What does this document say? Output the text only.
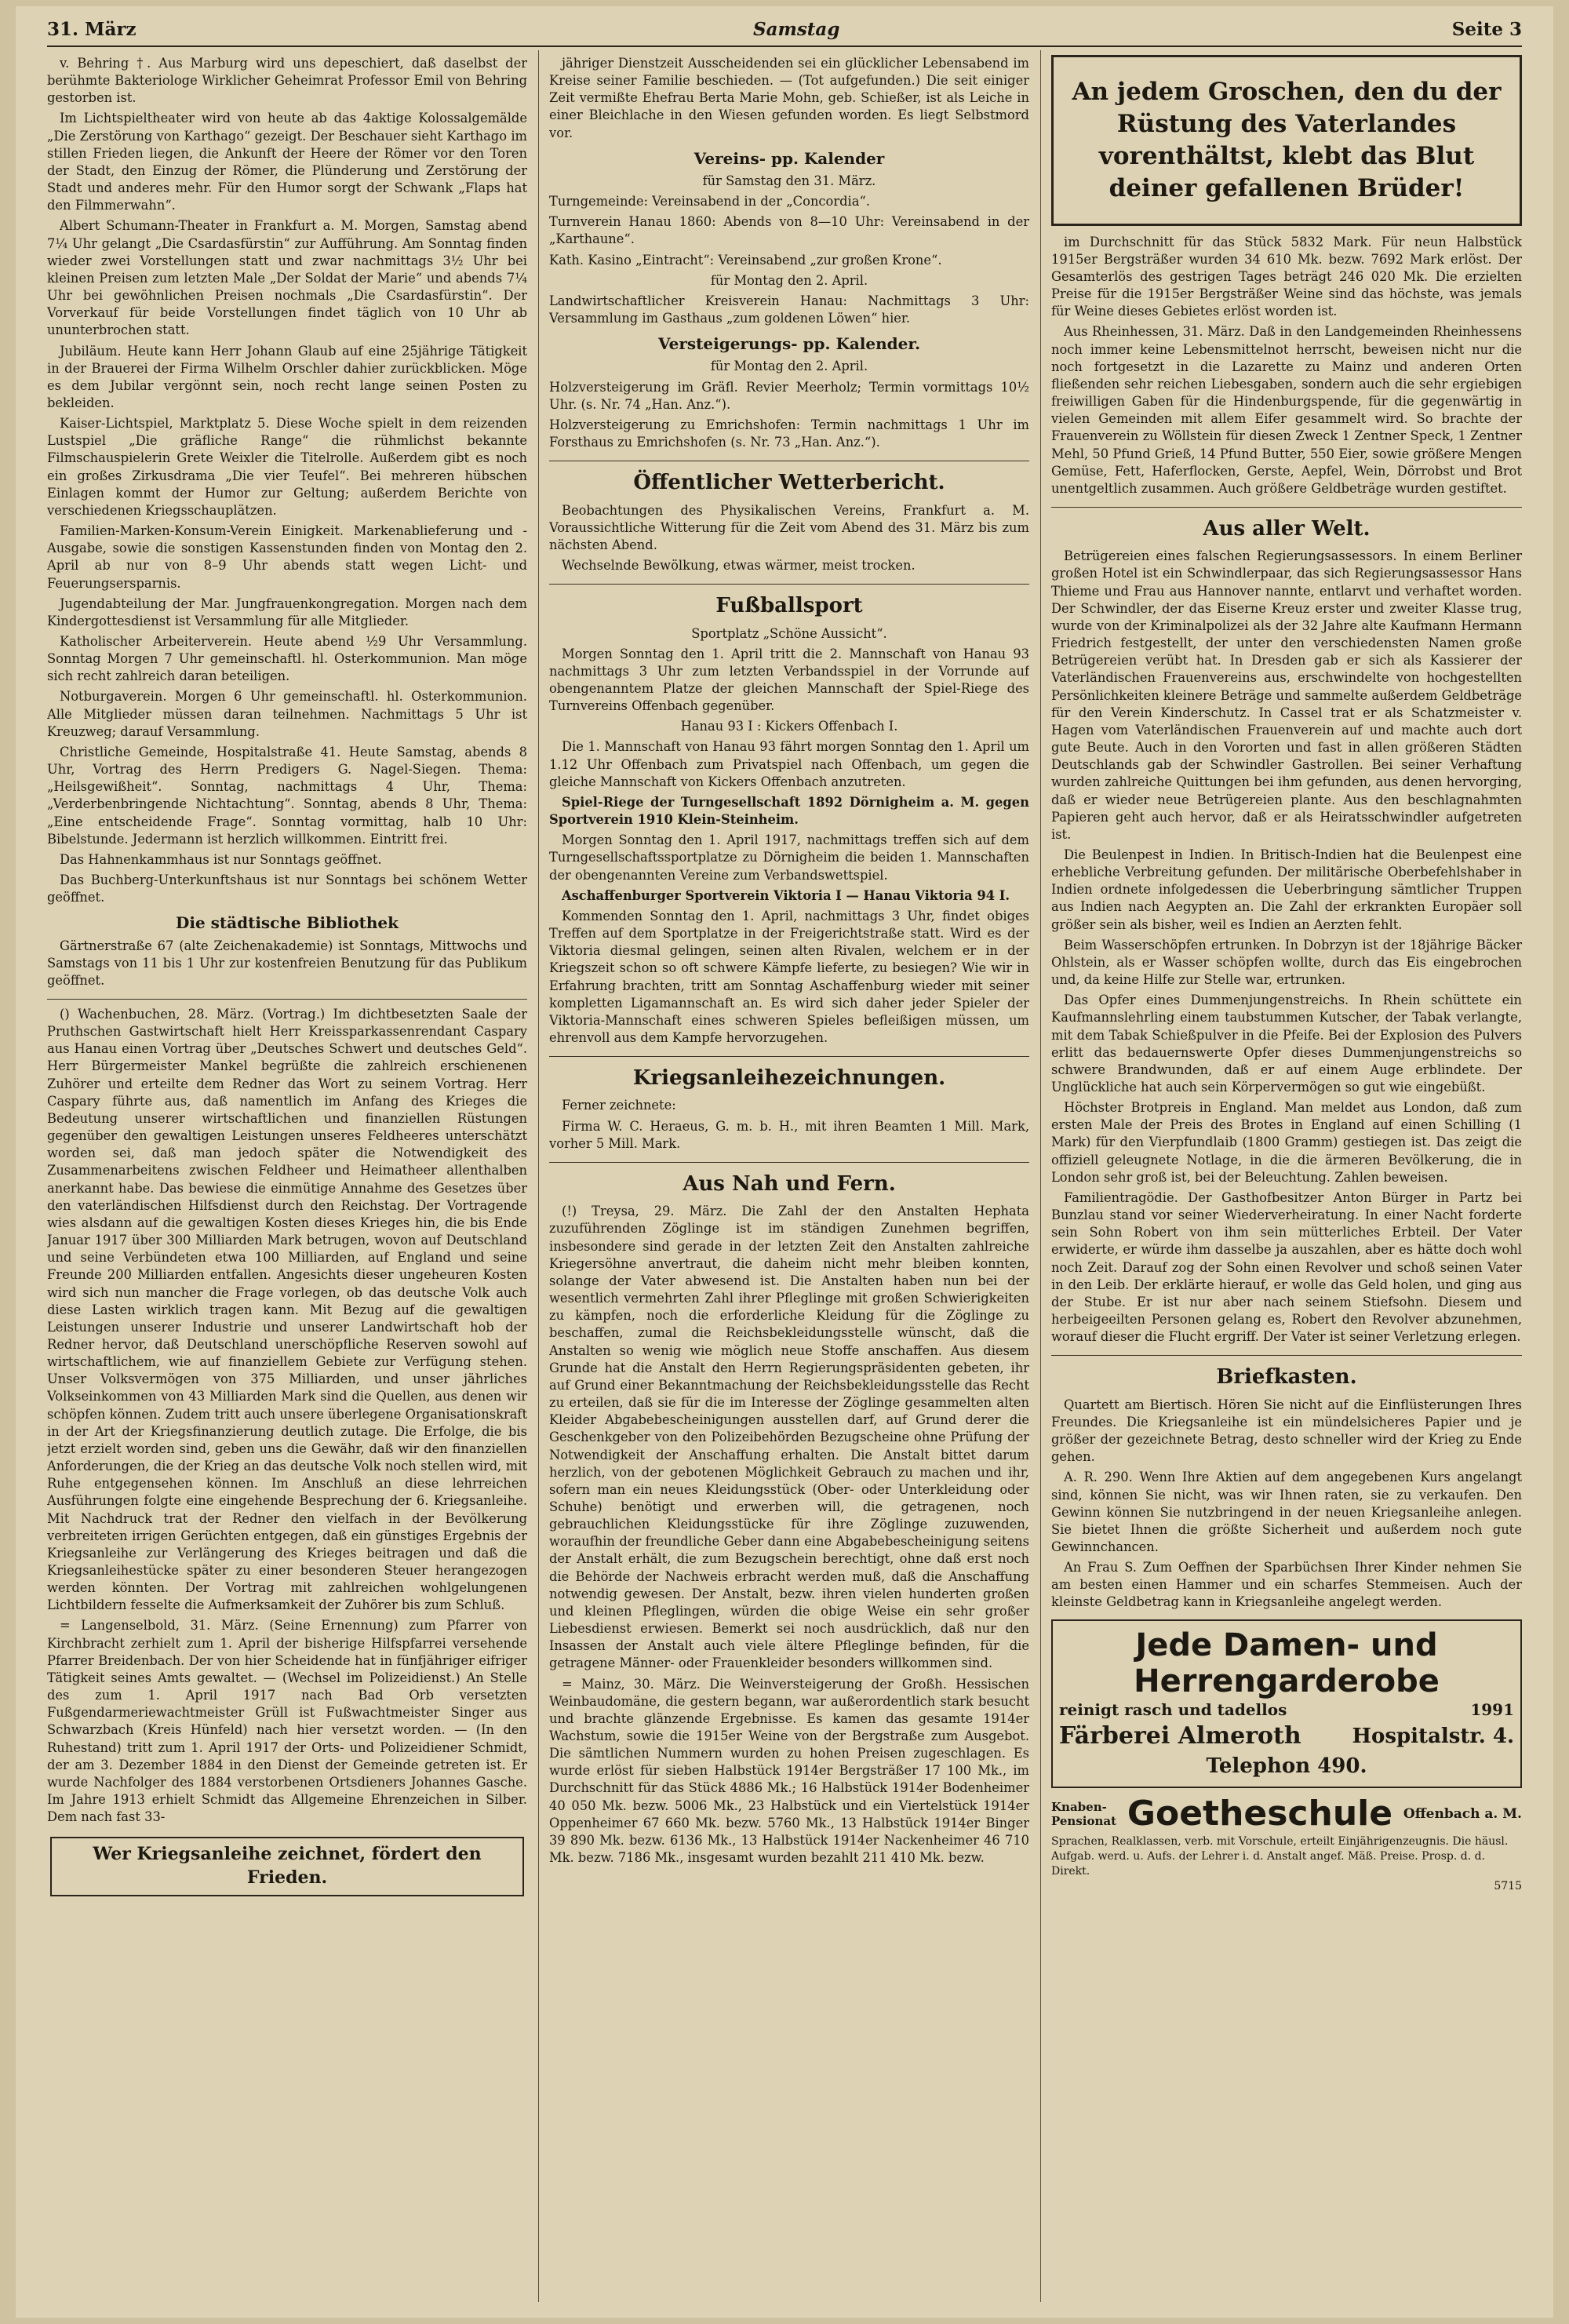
31. März	Samstag	Seite 3

v. Behring †. Aus Marburg wird uns depeschiert, daß daselbst der berühmte Bakteriologe Wirklicher Geheimrat Professor Emil von Behring gestorben ist.

Im Lichtspieltheater wird von heute ab das 4aktige Kolossalgemälde „Die Zerstörung von Karthago“ gezeigt. Der Beschauer sieht Karthago im stillen Frieden liegen, die Ankunft der Heere der Römer vor den Toren der Stadt, den Einzug der Römer, die Plünderung und Zerstörung der Stadt und anderes mehr. Für den Humor sorgt der Schwank „Flaps hat den Filmmerwahn“.

Albert Schumann-Theater in Frankfurt a. M. Morgen, Samstag abend 7¼ Uhr gelangt „Die Csardasfürstin“ zur Aufführung. Am Sonntag finden wieder zwei Vorstellungen statt und zwar nachmittags 3½ Uhr bei kleinen Preisen zum letzten Male „Der Soldat der Marie“ und abends 7¼ Uhr bei gewöhnlichen Preisen nochmals „Die Csardasfürstin“. Der Vorverkauf für beide Vorstellungen findet täglich von 10 Uhr ab ununterbrochen statt.

Jubiläum. Heute kann Herr Johann Glaub auf eine 25jährige Tätigkeit in der Brauerei der Firma Wilhelm Orschler dahier zurückblicken. Möge es dem Jubilar vergönnt sein, noch recht lange seinen Posten zu bekleiden.

Kaiser-Lichtspiel, Marktplatz 5. Diese Woche spielt in dem reizenden Lustspiel „Die gräfliche Range“ die rühmlichst bekannte Filmschauspielerin Grete Weixler die Titelrolle. Außerdem gibt es noch ein großes Zirkusdrama „Die vier Teufel“. Bei mehreren hübschen Einlagen kommt der Humor zur Geltung; außerdem Berichte von verschiedenen Kriegsschauplätzen.

Familien-Marken-Konsum-Verein Einigkeit. Markenablieferung und -Ausgabe, sowie die sonstigen Kassenstunden finden von Montag den 2. April ab nur von 8–9 Uhr abends statt wegen Licht- und Feuerungsersparnis.

Jugendabteilung der Mar. Jungfrauenkongregation. Morgen nach dem Kindergottesdienst ist Versammlung für alle Mitglieder.

Katholischer Arbeiterverein. Heute abend ½9 Uhr Versammlung. Sonntag Morgen 7 Uhr gemeinschaftl. hl. Osterkommunion. Man möge sich recht zahlreich daran beteiligen.

Notburgaverein. Morgen 6 Uhr gemeinschaftl. hl. Osterkommunion. Alle Mitglieder müssen daran teilnehmen. Nachmittags 5 Uhr ist Kreuzweg; darauf Versammlung.

Christliche Gemeinde, Hospitalstraße 41. Heute Samstag, abends 8 Uhr, Vortrag des Herrn Predigers G. Nagel-Siegen. Thema: „Heilsgewißheit“. Sonntag, nachmittags 4 Uhr, Thema: „Verderbenbringende Nichtachtung“. Sonntag, abends 8 Uhr, Thema: „Eine entscheidende Frage“. Sonntag vormittag, halb 10 Uhr: Bibelstunde. Jedermann ist herzlich willkommen. Eintritt frei.

Das Hahnenkammhaus ist nur Sonntags geöffnet.

Das Buchberg-Unterkunftshaus ist nur Sonntags bei schönem Wetter geöffnet.

Die städtische Bibliothek

Gärtnerstraße 67 (alte Zeichenakademie) ist Sonntags, Mittwochs und Samstags von 11 bis 1 Uhr zur kostenfreien Benutzung für das Publikum geöffnet.

() Wachenbuchen, 28. März. (Vortrag.) Im dichtbesetzten Saale der Pruthschen Gastwirtschaft hielt Herr Kreissparkassenrendant Caspary aus Hanau einen Vortrag über „Deutsches Schwert und deutsches Geld“. Herr Bürgermeister Mankel begrüßte die zahlreich erschienenen Zuhörer und erteilte dem Redner das Wort zu seinem Vortrag. Herr Caspary führte aus, daß namentlich im Anfang des Krieges die Bedeutung unserer wirtschaftlichen und finanziellen Rüstungen gegenüber den gewaltigen Leistungen unseres Feldheeres unterschätzt worden sei, daß man jedoch später die Notwendigkeit des Zusammenarbeitens zwischen Feldheer und Heimatheer allenthalben anerkannt habe. Das bewiese die einmütige Annahme des Gesetzes über den vaterländischen Hilfsdienst durch den Reichstag. Der Vortragende wies alsdann auf die gewaltigen Kosten dieses Krieges hin, die bis Ende Januar 1917 über 300 Milliarden Mark betrugen, wovon auf Deutschland und seine Verbündeten etwa 100 Milliarden, auf England und seine Freunde 200 Milliarden entfallen. Angesichts dieser ungeheuren Kosten wird sich nun mancher die Frage vorlegen, ob das deutsche Volk auch diese Lasten wirklich tragen kann. Mit Bezug auf die gewaltigen Leistungen unserer Industrie und unserer Landwirtschaft hob der Redner hervor, daß Deutschland unerschöpfliche Reserven sowohl auf wirtschaftlichem, wie auf finanziellem Gebiete zur Verfügung stehen. Unser Volksvermögen von 375 Milliarden, und unser jährliches Volkseinkommen von 43 Milliarden Mark sind die Quellen, aus denen wir schöpfen können. Zudem tritt auch unsere überlegene Organisationskraft in der Art der Kriegsfinanzierung deutlich zutage. Die Erfolge, die bis jetzt erzielt worden sind, geben uns die Gewähr, daß wir den finanziellen Anforderungen, die der Krieg an das deutsche Volk noch stellen wird, mit Ruhe entgegensehen können. Im Anschluß an diese lehrreichen Ausführungen folgte eine eingehende Besprechung der 6. Kriegsanleihe. Mit Nachdruck trat der Redner den vielfach in der Bevölkerung verbreiteten irrigen Gerüchten entgegen, daß ein günstiges Ergebnis der Kriegsanleihe zur Verlängerung des Krieges beitragen und daß die Kriegsanleihestücke später zu einer besonderen Steuer herangezogen werden könnten. Der Vortrag mit zahlreichen wohlgelungenen Lichtbildern fesselte die Aufmerksamkeit der Zuhörer bis zum Schluß.

= Langenselbold, 31. März. (Seine Ernennung) zum Pfarrer von Kirchbracht zerhielt zum 1. April der bisherige Hilfspfarrei versehende Pfarrer Breidenbach. Der von hier Scheidende hat in fünfjähriger eifriger Tätigkeit seines Amts gewaltet. — (Wechsel im Polizeidienst.) An Stelle des zum 1. April 1917 nach Bad Orb versetzten Fußgendarmeriewachtmeister Grüll ist Fußwachtmeister Singer aus Schwarzbach (Kreis Hünfeld) nach hier versetzt worden. — (In den Ruhestand) tritt zum 1. April 1917 der Orts- und Polizeidiener Schmidt, der am 3. Dezember 1884 in den Dienst der Gemeinde getreten ist. Er wurde Nachfolger des 1884 verstorbenen Ortsdieners Johannes Gasche. Im Jahre 1913 erhielt Schmidt das Allgemeine Ehrenzeichen in Silber. Dem nach fast 33-

Wer Kriegsanleihe zeichnet, fördert den Frieden.

jähriger Dienstzeit Ausscheidenden sei ein glücklicher Lebensabend im Kreise seiner Familie beschieden. — (Tot aufgefunden.) Die seit einiger Zeit vermißte Ehefrau Berta Marie Mohn, geb. Schießer, ist als Leiche in einer Bleichlache in den Wiesen gefunden worden. Es liegt Selbstmord vor.

Vereins- pp. Kalender

für Samstag den 31. März.

Turngemeinde: Vereinsabend in der „Concordia“.

Turnverein Hanau 1860: Abends von 8—10 Uhr: Vereinsabend in der „Karthaune“.

Kath. Kasino „Eintracht“: Vereinsabend „zur großen Krone“.

für Montag den 2. April.

Landwirtschaftlicher Kreisverein Hanau: Nachmittags 3 Uhr: Versammlung im Gasthaus „zum goldenen Löwen“ hier.

Versteigerungs- pp. Kalender.

für Montag den 2. April.

Holzversteigerung im Gräfl. Revier Meerholz; Termin vormittags 10½ Uhr. (s. Nr. 74 „Han. Anz.“).

Holzversteigerung zu Emrichshofen: Termin nachmittags 1 Uhr im Forsthaus zu Emrichshofen (s. Nr. 73 „Han. Anz.“).

Öffentlicher Wetterbericht.

Beobachtungen des Physikalischen Vereins, Frankfurt a. M. Voraussichtliche Witterung für die Zeit vom Abend des 31. März bis zum nächsten Abend.

Wechselnde Bewölkung, etwas wärmer, meist trocken.

Fußballsport

Sportplatz „Schöne Aussicht“.

Morgen Sonntag den 1. April tritt die 2. Mannschaft von Hanau 93 nachmittags 3 Uhr zum letzten Verbandsspiel in der Vorrunde auf obengenanntem Platze der gleichen Mannschaft der Spiel-Riege des Turnvereins Offenbach gegenüber.

Hanau 93 I : Kickers Offenbach I.

Die 1. Mannschaft von Hanau 93 fährt morgen Sonntag den 1. April um 1.12 Uhr Offenbach zum Privatspiel nach Offenbach, um gegen die gleiche Mannschaft von Kickers Offenbach anzutreten.

Spiel-Riege der Turngesellschaft 1892 Dörnigheim a. M. gegen Sportverein 1910 Klein-Steinheim.

Morgen Sonntag den 1. April 1917, nachmittags treffen sich auf dem Turngesellschaftssportplatze zu Dörnigheim die beiden 1. Mannschaften der obengenannten Vereine zum Verbandswettspiel.

Aschaffenburger Sportverein Viktoria I — Hanau Viktoria 94 I.

Kommenden Sonntag den 1. April, nachmittags 3 Uhr, findet obiges Treffen auf dem Sportplatze in der Freigerichtstraße statt. Wird es der Viktoria diesmal gelingen, seinen alten Rivalen, welchem er in der Kriegszeit schon so oft schwere Kämpfe lieferte, zu besiegen? Wie wir in Erfahrung brachten, tritt am Sonntag Aschaffenburg wieder mit seiner kompletten Ligamannschaft an. Es wird sich daher jeder Spieler der Viktoria-Mannschaft eines schweren Spieles befleißigen müssen, um ehrenvoll aus dem Kampfe hervorzugehen.

Kriegsanleihezeichnungen.

Ferner zeichnete:

Firma W. C. Heraeus, G. m. b. H., mit ihren Beamten 1 Mill. Mark, vorher 5 Mill. Mark.

Aus Nah und Fern.

(!) Treysa, 29. März. Die Zahl der den Anstalten Hephata zuzuführenden Zöglinge ist im ständigen Zunehmen begriffen, insbesondere sind gerade in der letzten Zeit den Anstalten zahlreiche Kriegersöhne anvertraut, die daheim nicht mehr bleiben konnten, solange der Vater abwesend ist. Die Anstalten haben nun bei der wesentlich vermehrten Zahl ihrer Pfleglinge mit großen Schwierigkeiten zu kämpfen, noch die erforderliche Kleidung für die Zöglinge zu beschaffen, zumal die Reichsbekleidungsstelle wünscht, daß die Anstalten so wenig wie möglich neue Stoffe anschaffen. Aus diesem Grunde hat die Anstalt den Herrn Regierungspräsidenten gebeten, ihr auf Grund einer Bekanntmachung der Reichsbekleidungsstelle das Recht zu erteilen, daß sie für die im Interesse der Zöglinge gesammelten alten Kleider Abgabebescheinigungen ausstellen darf, auf Grund derer die Geschenkgeber von den Polizeibehörden Bezugscheine ohne Prüfung der Notwendigkeit der Anschaffung erhalten. Die Anstalt bittet darum herzlich, von der gebotenen Möglichkeit Gebrauch zu machen und ihr, sofern man ein neues Kleidungsstück (Ober- oder Unterkleidung oder Schuhe) benötigt und erwerben will, die getragenen, noch gebrauchlichen Kleidungsstücke für ihre Zöglinge zuzuwenden, woraufhin der freundliche Geber dann eine Abgabebescheinigung seitens der Anstalt erhält, die zum Bezugschein berechtigt, ohne daß erst noch die Behörde der Nachweis erbracht werden muß, daß die Anschaffung notwendig gewesen. Der Anstalt, bezw. ihren vielen hunderten großen und kleinen Pfleglingen, würden die obige Weise ein sehr großer Liebesdienst erwiesen. Bemerkt sei noch ausdrücklich, daß nur den Insassen der Anstalt auch viele ältere Pfleglinge befinden, für die getragene Männer- oder Frauenkleider besonders willkommen sind.

= Mainz, 30. März. Die Weinversteigerung der Großh. Hessischen Weinbaudomäne, die gestern begann, war außerordentlich stark besucht und brachte glänzende Ergebnisse. Es kamen das gesamte 1914er Wachstum, sowie die 1915er Weine von der Bergstraße zum Ausgebot. Die sämtlichen Nummern wurden zu hohen Preisen zugeschlagen. Es wurde erlöst für sieben Halbstück 1914er Bergsträßer 17 100 Mk., im Durchschnitt für das Stück 4886 Mk.; 16 Halbstück 1914er Bodenheimer 40 050 Mk. bezw. 5006 Mk., 23 Halbstück und ein Viertelstück 1914er Oppenheimer 67 660 Mk. bezw. 5760 Mk., 13 Halbstück 1914er Binger 39 890 Mk. bezw. 6136 Mk., 13 Halbstück 1914er Nackenheimer 46 710 Mk. bezw. 7186 Mk., insgesamt wurden bezahlt 211 410 Mk. bezw.

An jedem Groschen, den du der Rüstung des Vaterlandes vorenthältst, klebt das Blut deiner gefallenen Brüder!

im Durchschnitt für das Stück 5832 Mark. Für neun Halbstück 1915er Bergsträßer wurden 34 610 Mk. bezw. 7692 Mark erlöst. Der Gesamterlös des gestrigen Tages beträgt 246 020 Mk. Die erzielten Preise für die 1915er Bergsträßer Weine sind das höchste, was jemals für Weine dieses Gebietes erlöst worden ist.

Aus Rheinhessen, 31. März. Daß in den Landgemeinden Rheinhessens noch immer keine Lebensmittelnot herrscht, beweisen nicht nur die noch fortgesetzt in die Lazarette zu Mainz und anderen Orten fließenden sehr reichen Liebesgaben, sondern auch die sehr ergiebigen freiwilligen Gaben für die Hindenburgspende, für die gegenwärtig in vielen Gemeinden mit allem Eifer gesammelt wird. So brachte der Frauenverein zu Wöllstein für diesen Zweck 1 Zentner Speck, 1 Zentner Mehl, 50 Pfund Grieß, 14 Pfund Butter, 550 Eier, sowie größere Mengen Gemüse, Fett, Haferflocken, Gerste, Aepfel, Wein, Dörrobst und Brot unentgeltlich zusammen. Auch größere Geldbeträge wurden gestiftet.

Aus aller Welt.

Betrügereien eines falschen Regierungsassessors. In einem Berliner großen Hotel ist ein Schwindlerpaar, das sich Regierungsassessor Hans Thieme und Frau aus Hannover nannte, entlarvt und verhaftet worden. Der Schwindler, der das Eiserne Kreuz erster und zweiter Klasse trug, wurde von der Kriminalpolizei als der 32 Jahre alte Kaufmann Hermann Friedrich festgestellt, der unter den verschiedensten Namen große Betrügereien verübt hat. In Dresden gab er sich als Kassierer der Vaterländischen Frauenvereins aus, erschwindelte von hochgestellten Persönlichkeiten kleinere Beträge und sammelte außerdem Geldbeträge für den Verein Kinderschutz. In Cassel trat er als Schatzmeister v. Hagen vom Vaterländischen Frauenverein auf und machte auch dort gute Beute. Auch in den Vororten und fast in allen größeren Städten Deutschlands gab der Schwindler Gastrollen. Bei seiner Verhaftung wurden zahlreiche Quittungen bei ihm gefunden, aus denen hervorging, daß er wieder neue Betrügereien plante. Aus den beschlagnahmten Papieren geht auch hervor, daß er als Heiratsschwindler aufgetreten ist.

Die Beulenpest in Indien. In Britisch-Indien hat die Beulenpest eine erhebliche Verbreitung gefunden. Der militärische Oberbefehlshaber in Indien ordnete infolgedessen die Ueberbringung sämtlicher Truppen aus Indien nach Aegypten an. Die Zahl der erkrankten Europäer soll größer sein als bisher, weil es Indien an Aerzten fehlt.

Beim Wasserschöpfen ertrunken. In Dobrzyn ist der 18jährige Bäcker Ohlstein, als er Wasser schöpfen wollte, durch das Eis eingebrochen und, da keine Hilfe zur Stelle war, ertrunken.

Das Opfer eines Dummenjungenstreichs. In Rhein schüttete ein Kaufmannslehrling einem taubstummen Kutscher, der Tabak verlangte, mit dem Tabak Schießpulver in die Pfeife. Bei der Explosion des Pulvers erlitt das bedauernswerte Opfer dieses Dummenjungenstreichs so schwere Brandwunden, daß er auf einem Auge erblindete. Der Unglückliche hat auch sein Körpervermögen so gut wie eingebüßt.

Höchster Brotpreis in England. Man meldet aus London, daß zum ersten Male der Preis des Brotes in England auf einen Schilling (1 Mark) für den Vierpfundlaib (1800 Gramm) gestiegen ist. Das zeigt die offiziell geleugnete Notlage, in die die ärmeren Bevölkerung, die in London sehr groß ist, bei der Beleuchtung. Zahlen beweisen.

Familientragödie. Der Gasthofbesitzer Anton Bürger in Partz bei Bunzlau stand vor seiner Wiederverheiratung. In einer Nacht forderte sein Sohn Robert von ihm sein mütterliches Erbteil. Der Vater erwiderte, er würde ihm dasselbe ja auszahlen, aber es hätte doch wohl noch Zeit. Darauf zog der Sohn einen Revolver und schoß seinen Vater in den Leib. Der erklärte hierauf, er wolle das Geld holen, und ging aus der Stube. Er ist nur aber nach seinem Stiefsohn. Diesem und herbeigeeilten Personen gelang es, Robert den Revolver abzunehmen, worauf dieser die Flucht ergriff. Der Vater ist seiner Verletzung erlegen.

Briefkasten.

Quartett am Biertisch. Hören Sie nicht auf die Einflüsterungen Ihres Freundes. Die Kriegsanleihe ist ein mündelsicheres Papier und je größer der gezeichnete Betrag, desto schneller wird der Krieg zu Ende gehen.

A. R. 290. Wenn Ihre Aktien auf dem angegebenen Kurs angelangt sind, können Sie nicht, was wir Ihnen raten, sie zu verkaufen. Den Gewinn können Sie nutzbringend in der neuen Kriegsanleihe anlegen. Sie bietet Ihnen die größte Sicherheit und außerdem noch gute Gewinnchancen.

An Frau S. Zum Oeffnen der Sparbüchsen Ihrer Kinder nehmen Sie am besten einen Hammer und ein scharfes Stemmeisen. Auch der kleinste Geldbetrag kann in Kriegsanleihe angelegt werden.

Jede Damen- und
Herrengarderobe
reinigt rasch und tadellos	1991
Färberei Almeroth Hospitalstr. 4.
Telephon 490.
Knaben-
Pensionat Goetheschule Offenbach a. M.
Sprachen, Realklassen, verb. mit Vorschule, erteilt Einjährigenzeugnis. Die häusl. Aufgab. werd. u. Aufs. der Lehrer i. d. Anstalt angef. Mäß. Preise. Prosp. d. d. Direkt.
5715
